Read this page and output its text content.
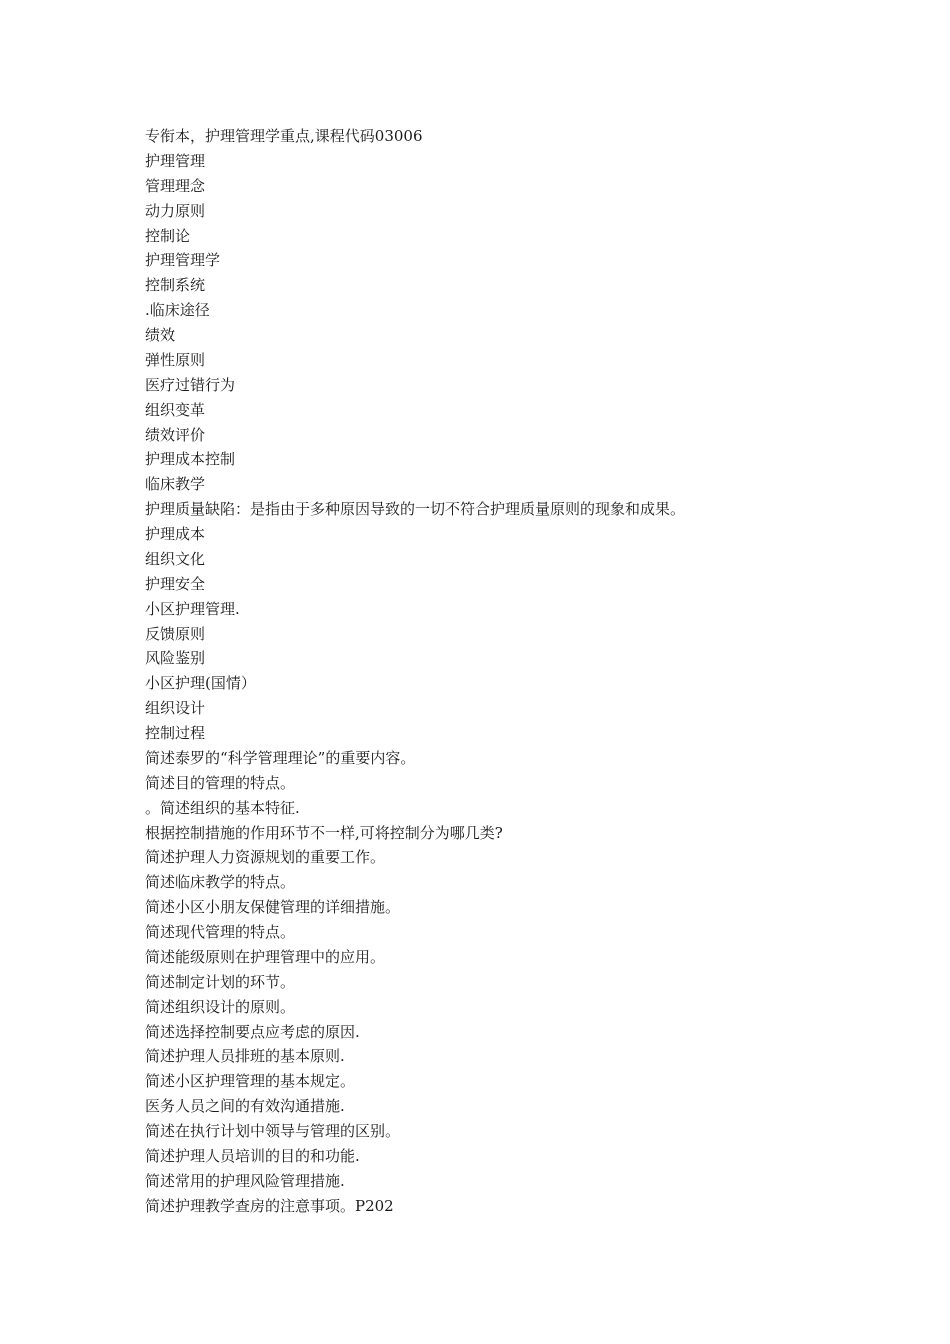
专衔本，护理管理学重点,课程代码03006

护理管理

管理理念

动力原则

控制论

护理管理学

控制系统

.临床途径

绩效

弹性原则

医疗过错行为

组织变革

绩效评价

护理成本控制

临床教学

护理质量缺陷：是指由于多种原因导致的一切不符合护理质量原则的现象和成果。

护理成本

组织文化

护理安全

小区护理管理.

反馈原则

风险鉴别

小区护理(国情）

组织设计

控制过程

简述泰罗的“科学管理理论”的重要内容。

简述目的管理的特点。

。简述组织的基本特征.

根据控制措施的作用环节不一样,可将控制分为哪几类?

简述护理人力资源规划的重要工作。

简述临床教学的特点。

简述小区小朋友保健管理的详细措施。

简述现代管理的特点。

简述能级原则在护理管理中的应用。

简述制定计划的环节。

简述组织设计的原则。

简述选择控制要点应考虑的原因.

简述护理人员排班的基本原则.

简述小区护理管理的基本规定。

医务人员之间的有效沟通措施.

简述在执行计划中领导与管理的区别。

简述护理人员培训的目的和功能.

简述常用的护理风险管理措施.

简述护理教学查房的注意事项。P202
